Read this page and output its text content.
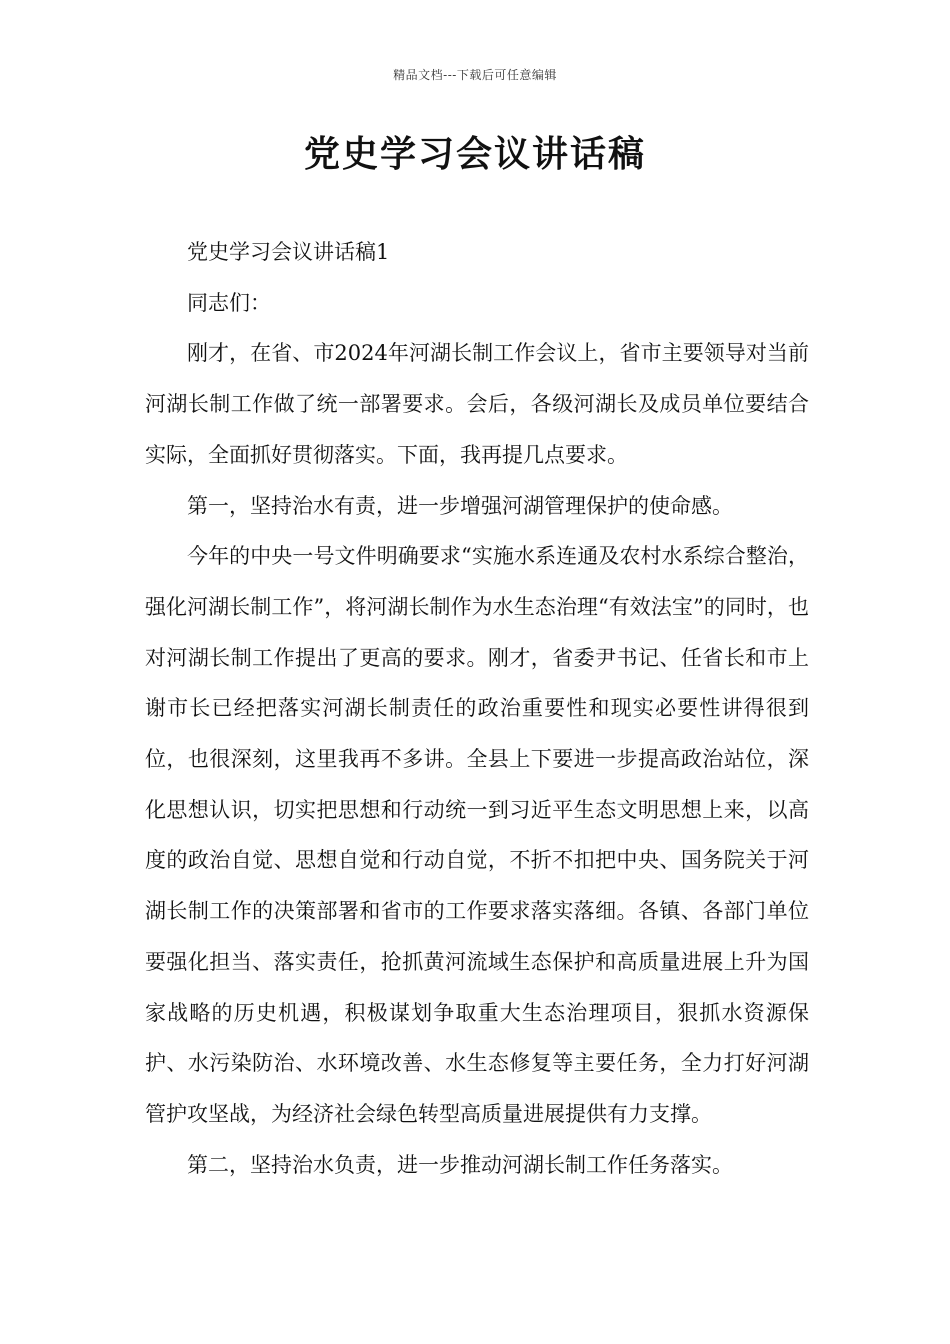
精品文档---下载后可任意编辑
党史学习会议讲话稿

党史学习会议讲话稿1

同志们：

刚才，在省、市2024年河湖长制工作会议上，省市主要领导对当前河湖长制工作做了统一部署要求。会后，各级河湖长及成员单位要结合实际，全面抓好贯彻落实。下面，我再提几点要求。

第一，坚持治水有责，进一步增强河湖管理保护的使命感。

今年的中央一号文件明确要求“实施水系连通及农村水系综合整治，强化河湖长制工作”，将河湖长制作为水生态治理“有效法宝”的同时，也对河湖长制工作提出了更高的要求。刚才，省委尹书记、任省长和市上谢市长已经把落实河湖长制责任的政治重要性和现实必要性讲得很到位，也很深刻，这里我再不多讲。全县上下要进一步提高政治站位，深化思想认识，切实把思想和行动统一到习近平生态文明思想上来，以高度的政治自觉、思想自觉和行动自觉，不折不扣把中央、国务院关于河湖长制工作的决策部署和省市的工作要求落实落细。各镇、各部门单位要强化担当、落实责任，抢抓黄河流域生态保护和高质量进展上升为国家战略的历史机遇，积极谋划争取重大生态治理项目，狠抓水资源保护、水污染防治、水环境改善、水生态修复等主要任务，全力打好河湖管护攻坚战，为经济社会绿色转型高质量进展提供有力支撑。

第二，坚持治水负责，进一步推动河湖长制工作任务落实。
